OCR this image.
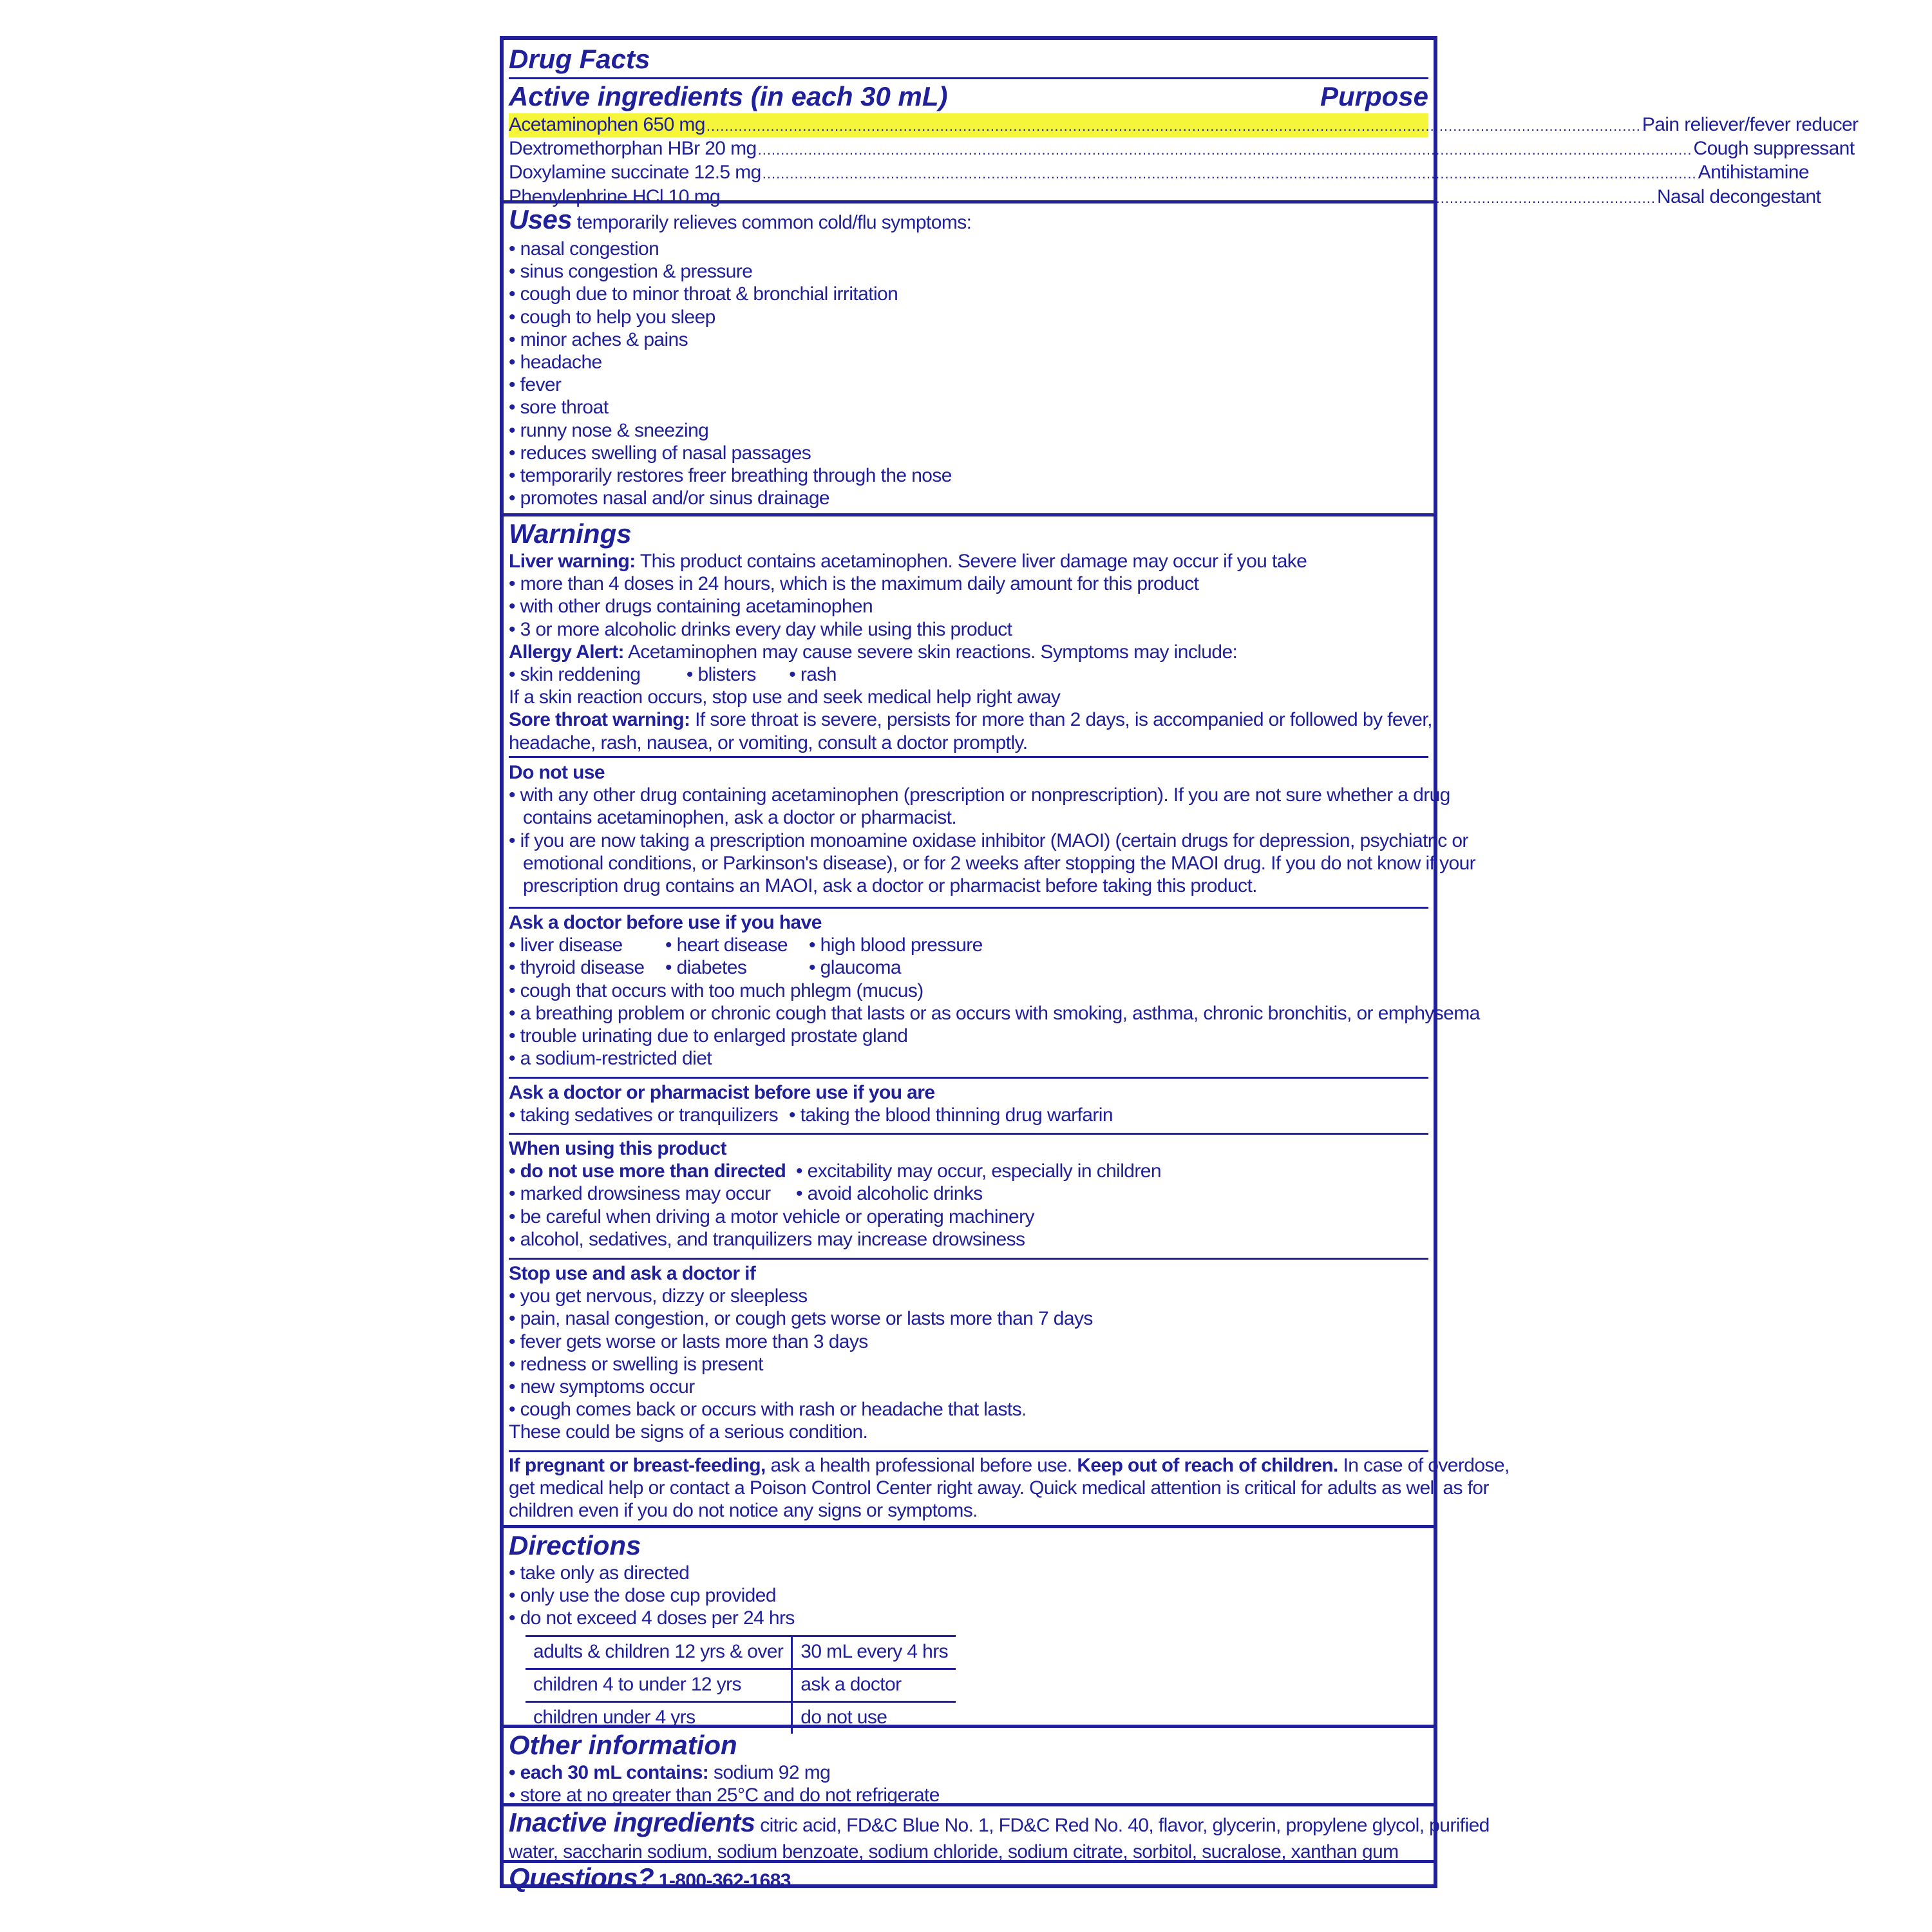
Drug Facts
Active ingredients (in each 30 mL)	Purpose
Acetaminophen 650 mg ............................................................................................................................................................................................................ Pain reliever/fever reducer
Dextromethorphan HBr 20 mg ............................................................................................................................................................................................................ Cough suppressant
Doxylamine succinate 12.5 mg ............................................................................................................................................................................................................ Antihistamine
Phenylephrine HCl 10 mg ............................................................................................................................................................................................................ Nasal decongestant
Uses temporarily relieves common cold/flu symptoms:
• nasal congestion
• sinus congestion & pressure
• cough due to minor throat & bronchial irritation
• cough to help you sleep
• minor aches & pains
• headache
• fever
• sore throat
• runny nose & sneezing
• reduces swelling of nasal passages
• temporarily restores freer breathing through the nose
• promotes nasal and/or sinus drainage
Warnings
Liver warning: This product contains acetaminophen. Severe liver damage may occur if you take
• more than 4 doses in 24 hours, which is the maximum daily amount for this product
• with other drugs containing acetaminophen
• 3 or more alcoholic drinks every day while using this product
Allergy Alert: Acetaminophen may cause severe skin reactions. Symptoms may include:
• skin reddening • blisters • rash
If a skin reaction occurs, stop use and seek medical help right away
Sore throat warning: If sore throat is severe, persists for more than 2 days, is accompanied or followed by fever,
headache, rash, nausea, or vomiting, consult a doctor promptly.
Do not use
• with any other drug containing acetaminophen (prescription or nonprescription). If you are not sure whether a drug
contains acetaminophen, ask a doctor or pharmacist.
• if you are now taking a prescription monoamine oxidase inhibitor (MAOI) (certain drugs for depression, psychiatric or
emotional conditions, or Parkinson's disease), or for 2 weeks after stopping the MAOI drug. If you do not know if your
prescription drug contains an MAOI, ask a doctor or pharmacist before taking this product.
Ask a doctor before use if you have
• liver disease • heart disease • high blood pressure
• thyroid disease • diabetes	• glaucoma
• cough that occurs with too much phlegm (mucus)
• a breathing problem or chronic cough that lasts or as occurs with smoking, asthma, chronic bronchitis, or emphysema
• trouble urinating due to enlarged prostate gland
• a sodium-restricted diet
Ask a doctor or pharmacist before use if you are
• taking sedatives or tranquilizers • taking the blood thinning drug warfarin
When using this product
• do not use more than directed • excitability may occur, especially in children
• marked drowsiness may occur • avoid alcoholic drinks
• be careful when driving a motor vehicle or operating machinery
• alcohol, sedatives, and tranquilizers may increase drowsiness
Stop use and ask a doctor if
• you get nervous, dizzy or sleepless
• pain, nasal congestion, or cough gets worse or lasts more than 7 days
• fever gets worse or lasts more than 3 days
• redness or swelling is present
• new symptoms occur
• cough comes back or occurs with rash or headache that lasts.
These could be signs of a serious condition.
If pregnant or breast-feeding, ask a health professional before use. Keep out of reach of children. In case of overdose,
get medical help or contact a Poison Control Center right away. Quick medical attention is critical for adults as well as for
children even if you do not notice any signs or symptoms.
Directions
• take only as directed
• only use the dose cup provided
• do not exceed 4 doses per 24 hrs
adults & children 12 yrs & over	30 mL every 4 hrs
children 4 to under 12 yrs	ask a doctor
children under 4 yrs	do not use
Other information
• each 30 mL contains: sodium 92 mg
• store at no greater than 25°C and do not refrigerate
Inactive ingredients citric acid, FD&C Blue No. 1, FD&C Red No. 40, flavor, glycerin, propylene glycol, purified
water, saccharin sodium, sodium benzoate, sodium chloride, sodium citrate, sorbitol, sucralose, xanthan gum
Questions? 1-800-362-1683
